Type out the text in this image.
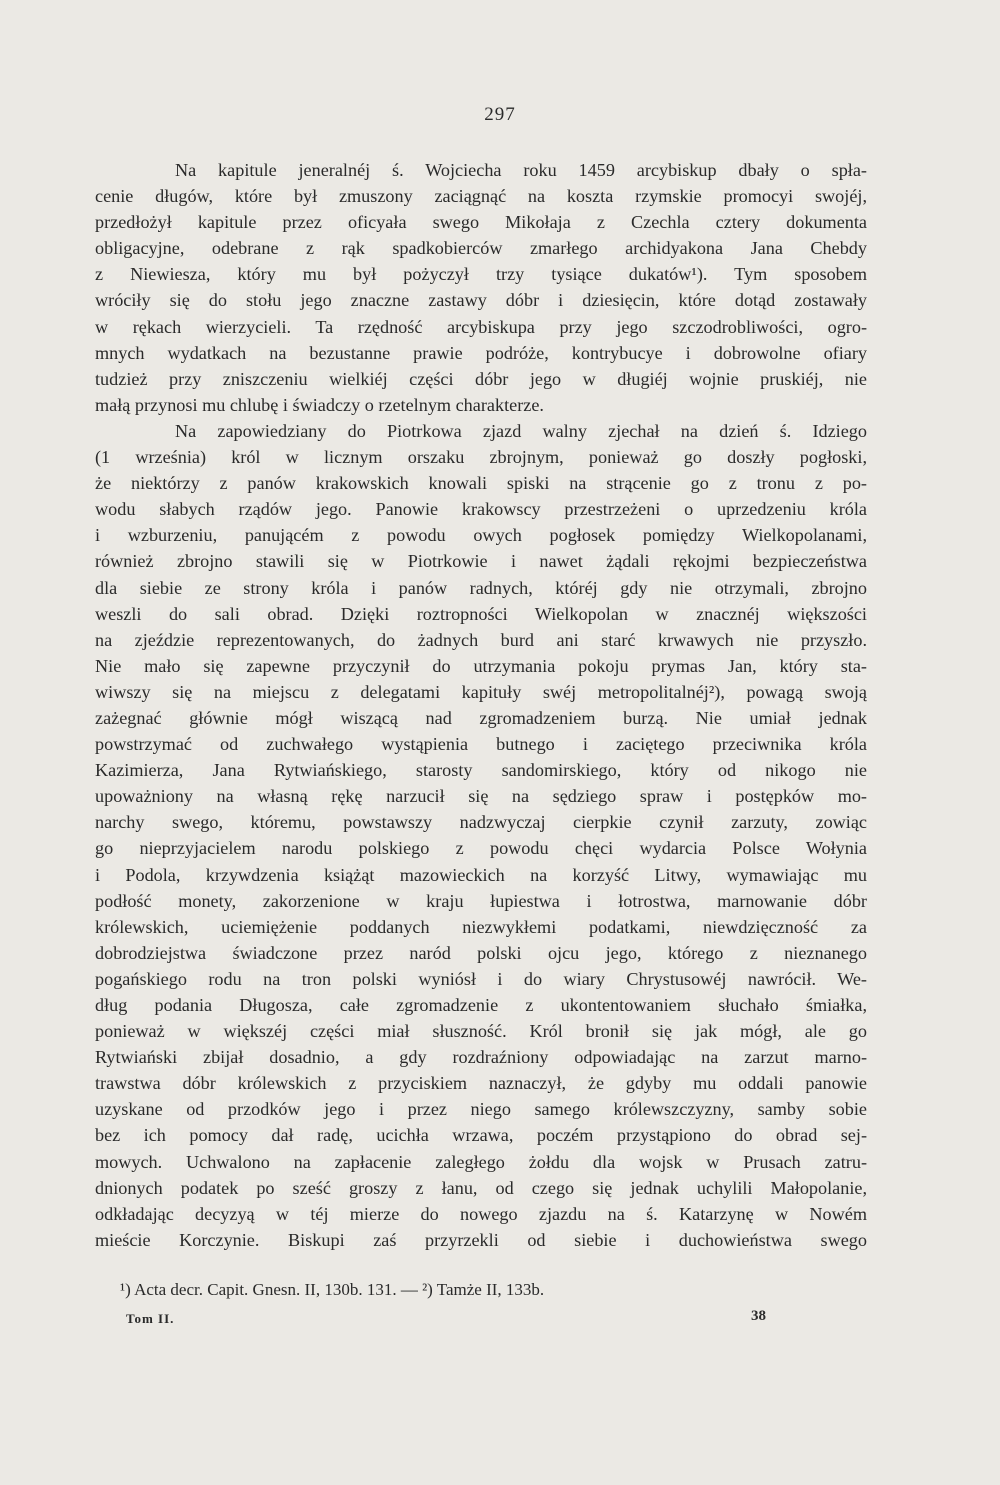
297
Na kapitule jeneralnéj ś. Wojciecha roku 1459 arcybiskup dbały o spła-
cenie długów, które był zmuszony zaciągnąć na koszta rzymskie promocyi swojéj,
przedłożył kapitule przez oficyała swego Mikołaja z Czechla cztery dokumenta
obligacyjne, odebrane z rąk spadkobierców zmarłego archidyakona Jana Chebdy
z Niewiesza, który mu był pożyczył trzy tysiące dukatów¹). Tym sposobem
wróciły się do stołu jego znaczne zastawy dóbr i dziesięcin, które dotąd zostawały
w rękach wierzycieli. Ta rzędność arcybiskupa przy jego szczodrobliwości, ogro-
mnych wydatkach na bezustanne prawie podróże, kontrybucye i dobrowolne ofiary
tudzież przy zniszczeniu wielkiéj części dóbr jego w długiéj wojnie pruskiéj, nie
małą przynosi mu chlubę i świadczy o rzetelnym charakterze.
Na zapowiedziany do Piotrkowa zjazd walny zjechał na dzień ś. Idziego
(1 września) król w licznym orszaku zbrojnym, ponieważ go doszły pogłoski,
że niektórzy z panów krakowskich knowali spiski na strącenie go z tronu z po-
wodu słabych rządów jego. Panowie krakowscy przestrzeżeni o uprzedzeniu króla
i wzburzeniu, panującém z powodu owych pogłosek pomiędzy Wielkopolanami,
również zbrojno stawili się w Piotrkowie i nawet żądali rękojmi bezpieczeństwa
dla siebie ze strony króla i panów radnych, któréj gdy nie otrzymali, zbrojno
weszli do sali obrad. Dzięki roztropności Wielkopolan w znacznéj większości
na zjeździe reprezentowanych, do żadnych burd ani starć krwawych nie przyszło.
Nie mało się zapewne przyczynił do utrzymania pokoju prymas Jan, który sta-
wiwszy się na miejscu z delegatami kapituły swéj metropolitalnéj²), powagą swoją
zażegnać głównie mógł wiszącą nad zgromadzeniem burzą. Nie umiał jednak
powstrzymać od zuchwałego wystąpienia butnego i zaciętego przeciwnika króla
Kazimierza, Jana Rytwiańskiego, starosty sandomirskiego, który od nikogo nie
upoważniony na własną rękę narzucił się na sędziego spraw i postępków mo-
narchy swego, któremu, powstawszy nadzwyczaj cierpkie czynił zarzuty, zowiąc
go nieprzyjacielem narodu polskiego z powodu chęci wydarcia Polsce Wołynia
i Podola, krzywdzenia książąt mazowieckich na korzyść Litwy, wymawiając mu
podłość monety, zakorzenione w kraju łupiestwa i łotrostwa, marnowanie dóbr
królewskich, uciemiężenie poddanych niezwykłemi podatkami, niewdzięczność za
dobrodziejstwa świadczone przez naród polski ojcu jego, którego z nieznanego
pogańskiego rodu na tron polski wyniósł i do wiary Chrystusowéj nawrócił. We-
dług podania Długosza, całe zgromadzenie z ukontentowaniem słuchało śmiałka,
ponieważ w większéj części miał słuszność. Król bronił się jak mógł, ale go
Rytwiański zbijał dosadnio, a gdy rozdraźniony odpowiadając na zarzut marno-
trawstwa dóbr królewskich z przyciskiem naznaczył, że gdyby mu oddali panowie
uzyskane od przodków jego i przez niego samego królewszczyzny, samby sobie
bez ich pomocy dał radę, ucichła wrzawa, poczém przystąpiono do obrad sej-
mowych. Uchwalono na zapłacenie zaległego żołdu dla wojsk w Prusach zatru-
dnionych podatek po sześć groszy z łanu, od czego się jednak uchylili Małopolanie,
odkładając decyzyą w téj mierze do nowego zjazdu na ś. Katarzynę w Nowém
mieście Korczynie. Biskupi zaś przyrzekli od siebie i duchowieństwa swego
¹) Acta decr. Capit. Gnesn. II, 130b. 131. — ²) Tamże II, 133b.
Tom II.	38
